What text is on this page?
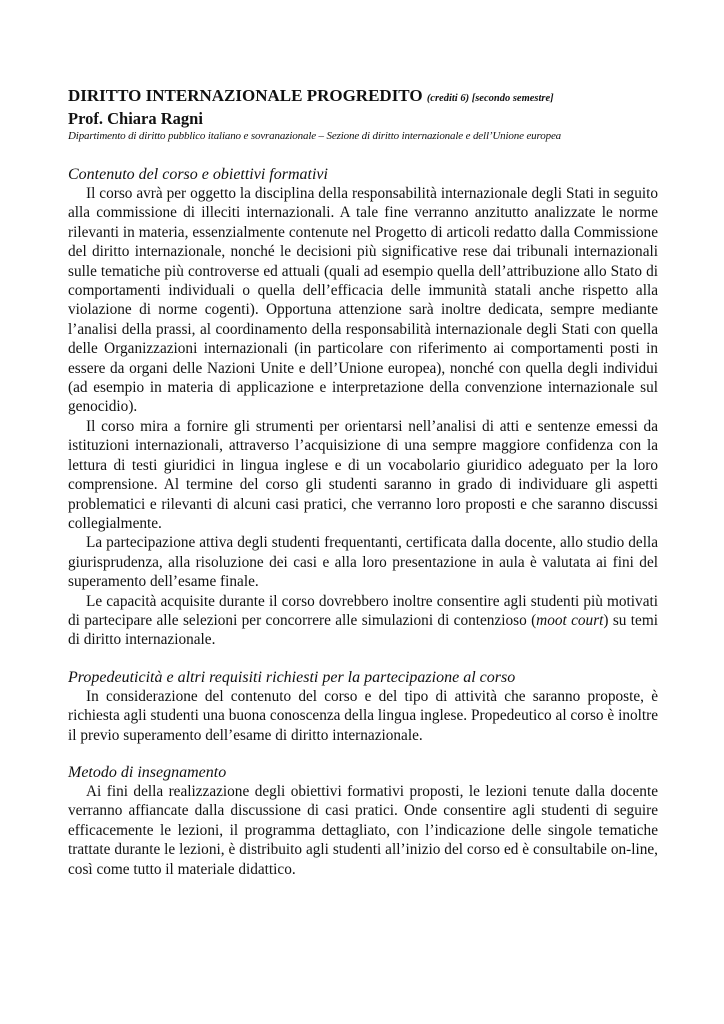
DIRITTO INTERNAZIONALE PROGREDITO (crediti 6) [secondo semestre]

Prof. Chiara Ragni

Dipartimento di diritto pubblico italiano e sovranazionale – Sezione di diritto internazionale e dell’Unione europea

Contenuto del corso e obiettivi formativi

Il corso avrà per oggetto la disciplina della responsabilità internazionale degli Stati in seguito alla commissione di illeciti internazionali. A tale fine verranno anzitutto analizzate le norme rilevanti in materia, essenzialmente contenute nel Progetto di articoli redatto dalla Commissione del diritto internazionale, nonché le decisioni più significative rese dai tribunali internazionali sulle tematiche più controverse ed attuali (quali ad esempio quella dell’attribuzione allo Stato di comportamenti individuali o quella dell’efficacia delle immunità statali anche rispetto alla violazione di norme cogenti). Opportuna attenzione sarà inoltre dedicata, sempre mediante l’analisi della prassi, al coordinamento della responsabilità internazionale degli Stati con quella delle Organizzazioni internazionali (in particolare con riferimento ai comportamenti posti in essere da organi delle Nazioni Unite e dell’Unione europea), nonché con quella degli individui (ad esempio in materia di applicazione e interpretazione della convenzione internazionale sul genocidio).

Il corso mira a fornire gli strumenti per orientarsi nell’analisi di atti e sentenze emessi da istituzioni internazionali, attraverso l’acquisizione di una sempre maggiore confidenza con la lettura di testi giuridici in lingua inglese e di un vocabolario giuridico adeguato per la loro comprensione. Al termine del corso gli studenti saranno in grado di individuare gli aspetti problematici e rilevanti di alcuni casi pratici, che verranno loro proposti e che saranno discussi collegialmente.

La partecipazione attiva degli studenti frequentanti, certificata dalla docente, allo studio della giurisprudenza, alla risoluzione dei casi e alla loro presentazione in aula è valutata ai fini del superamento dell’esame finale.

Le capacità acquisite durante il corso dovrebbero inoltre consentire agli studenti più motivati di partecipare alle selezioni per concorrere alle simulazioni di contenzioso (moot court) su temi di diritto internazionale.

Propedeuticità e altri requisiti richiesti per la partecipazione al corso

In considerazione del contenuto del corso e del tipo di attività che saranno proposte, è richiesta agli studenti una buona conoscenza della lingua inglese. Propedeutico al corso è inoltre il previo superamento dell’esame di diritto internazionale.

Metodo di insegnamento

Ai fini della realizzazione degli obiettivi formativi proposti, le lezioni tenute dalla docente verranno affiancate dalla discussione di casi pratici. Onde consentire agli studenti di seguire efficacemente le lezioni, il programma dettagliato, con l’indicazione delle singole tematiche trattate durante le lezioni, è distribuito agli studenti all’inizio del corso ed è consultabile on-line, così come tutto il materiale didattico.
